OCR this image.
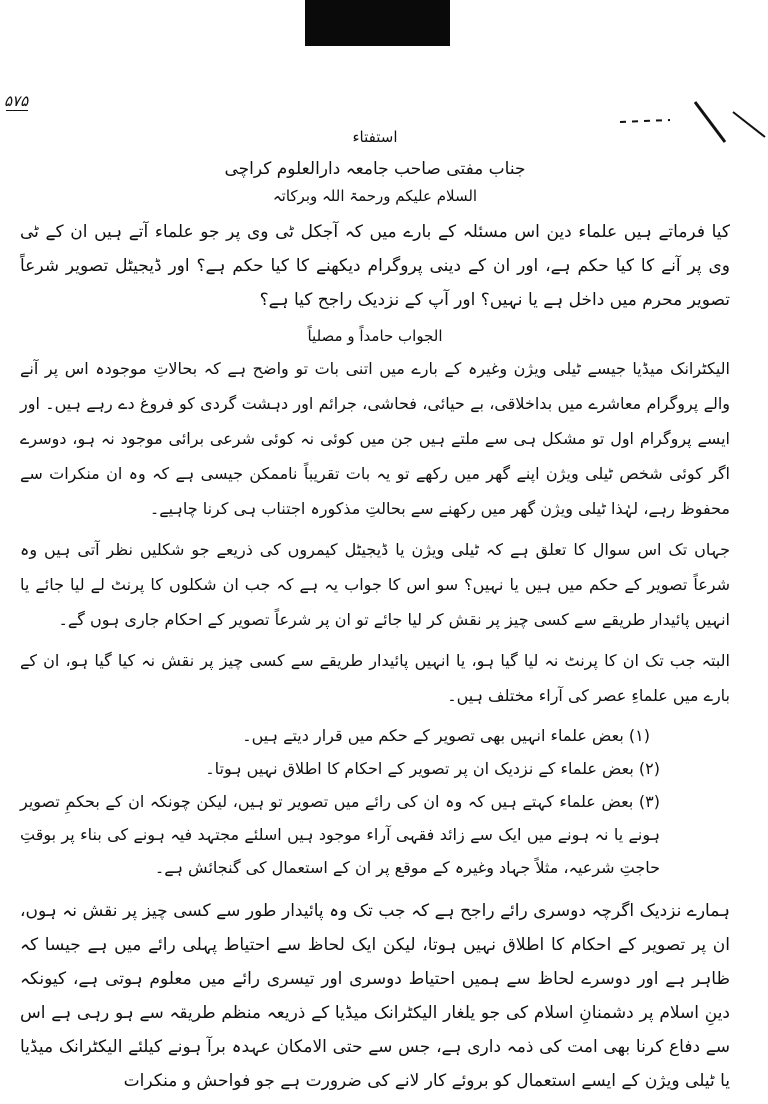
۵۷۵
استفتاء
جناب مفتی صاحب جامعہ دارالعلوم کراچی
السلام علیکم ورحمۃ اللہ وبرکاتہ

کیا فرماتے ہیں علماء دین اس مسئلہ کے بارے میں کہ آجکل ٹی وی پر جو علماء آتے ہیں ان کے ٹی وی پر آنے کا کیا حکم ہے، اور ان کے دینی پروگرام دیکھنے کا کیا حکم ہے؟ اور ڈیجیٹل تصویر شرعاً تصویر محرم میں داخل ہے یا نہیں؟ اور آپ کے نزدیک راجح کیا ہے؟

الجواب حامداً و مصلیاً

الیکٹرانک میڈیا جیسے ٹیلی ویژن وغیرہ کے بارے میں اتنی بات تو واضح ہے کہ بحالاتِ موجودہ اس پر آنے والے پروگرام معاشرے میں بداخلاقی، بے حیائی، فحاشی، جرائم اور دہشت گردی کو فروغ دے رہے ہیں۔ اور ایسے پروگرام اول تو مشکل ہی سے ملتے ہیں جن میں کوئی نہ کوئی شرعی برائی موجود نہ ہو، دوسرے اگر کوئی شخص ٹیلی ویژن اپنے گھر میں رکھے تو یہ بات تقریباً ناممکن جیسی ہے کہ وہ ان منکرات سے محفوظ رہے، لہٰذا ٹیلی ویژن گھر میں رکھنے سے بحالتِ مذکورہ اجتناب ہی کرنا چاہیے۔

جہاں تک اس سوال کا تعلق ہے کہ ٹیلی ویژن یا ڈیجیٹل کیمروں کی ذریعے جو شکلیں نظر آتی ہیں وہ شرعاً تصویر کے حکم میں ہیں یا نہیں؟ سو اس کا جواب یہ ہے کہ جب ان شکلوں کا پرنٹ لے لیا جائے یا انہیں پائیدار طریقے سے کسی چیز پر نقش کر لیا جائے تو ان پر شرعاً تصویر کے احکام جاری ہوں گے۔

البتہ جب تک ان کا پرنٹ نہ لیا گیا ہو، یا انہیں پائیدار طریقے سے کسی چیز پر نقش نہ کیا گیا ہو، ان کے بارے میں علماءِ عصر کی آراء مختلف ہیں۔

(۱) بعض علماء انہیں بھی تصویر کے حکم میں قرار دیتے ہیں۔

(۲) بعض علماء کے نزدیک ان پر تصویر کے احکام کا اطلاق نہیں ہوتا۔

(۳) بعض علماء کہتے ہیں کہ وہ ان کی رائے میں تصویر تو ہیں، لیکن چونکہ ان کے بحکمِ تصویر ہونے یا نہ ہونے میں ایک سے زائد فقہی آراء موجود ہیں اسلئے مجتہد فیہ ہونے کی بناء پر بوقتِ حاجتِ شرعیہ، مثلاً جہاد وغیرہ کے موقع پر ان کے استعمال کی گنجائش ہے۔

ہمارے نزدیک اگرچہ دوسری رائے راجح ہے کہ جب تک وہ پائیدار طور سے کسی چیز پر نقش نہ ہوں، ان پر تصویر کے احکام کا اطلاق نہیں ہوتا، لیکن ایک لحاظ سے احتیاط پہلی رائے میں ہے جیسا کہ ظاہر ہے اور دوسرے لحاظ سے ہمیں احتیاط دوسری اور تیسری رائے میں معلوم ہوتی ہے، کیونکہ دینِ اسلام پر دشمنانِ اسلام کی جو یلغار الیکٹرانک میڈیا کے ذریعہ منظم طریقہ سے ہو رہی ہے اس سے دفاع کرنا بھی امت کی ذمہ داری ہے، جس سے حتی الامکان عہدہ برآ ہونے کیلئے الیکٹرانک میڈیا یا ٹیلی ویژن کے ایسے استعمال کو بروئے کار لانے کی ضرورت ہے جو فواحش و منکرات
